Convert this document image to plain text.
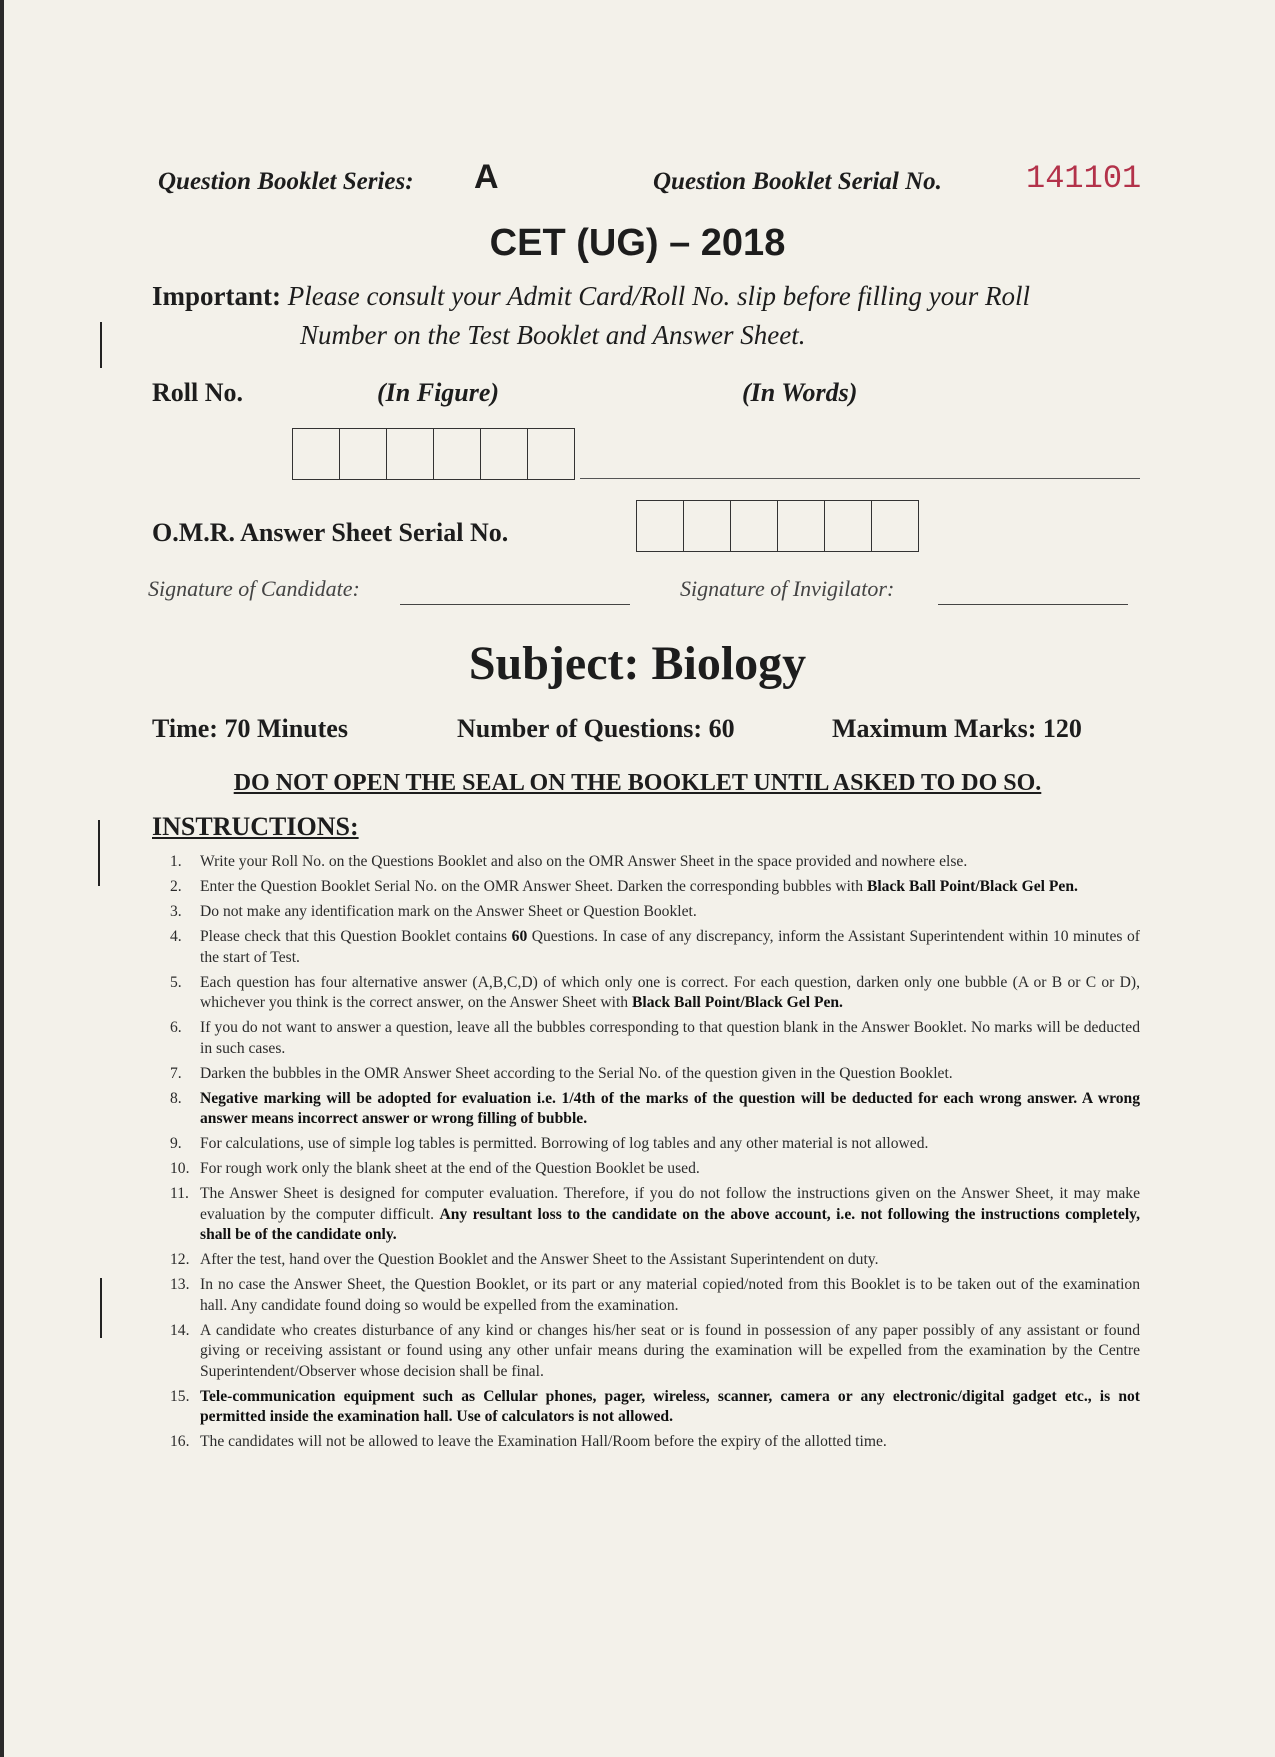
Question Booklet Series: A	Question Booklet Serial No.	141101
CET (UG) – 2018
Important: Please consult your Admit Card/Roll No. slip before filling your Roll
Number on the Test Booklet and Answer Sheet.
Roll No.	(In Figure)	(In Words)
O.M.R. Answer Sheet Serial No.
Signature of Candidate:	Signature of Invigilator:
Subject: Biology
Time: 70 Minutes	Number of Questions: 60	Maximum Marks: 120
DO NOT OPEN THE SEAL ON THE BOOKLET UNTIL ASKED TO DO SO.
INSTRUCTIONS:
1.	Write your Roll No. on the Questions Booklet and also on the OMR Answer Sheet in the space provided and nowhere else.
2.	Enter the Question Booklet Serial No. on the OMR Answer Sheet. Darken the corresponding bubbles with Black Ball Point/Black Gel Pen.
3.	Do not make any identification mark on the Answer Sheet or Question Booklet.
4.	Please check that this Question Booklet contains 60 Questions. In case of any discrepancy, inform the Assistant Superintendent within 10 minutes of the start of Test.
5.	Each question has four alternative answer (A,B,C,D) of which only one is correct. For each question, darken only one bubble (A or B or C or D), whichever you think is the correct answer, on the Answer Sheet with Black Ball Point/Black Gel Pen.
6.	If you do not want to answer a question, leave all the bubbles corresponding to that question blank in the Answer Booklet. No marks will be deducted in such cases.
7.	Darken the bubbles in the OMR Answer Sheet according to the Serial No. of the question given in the Question Booklet.
8.	Negative marking will be adopted for evaluation i.e. 1/4th of the marks of the question will be deducted for each wrong answer. A wrong answer means incorrect answer or wrong filling of bubble.
9.	For calculations, use of simple log tables is permitted. Borrowing of log tables and any other material is not allowed.
10. For rough work only the blank sheet at the end of the Question Booklet be used.
11. The Answer Sheet is designed for computer evaluation. Therefore, if you do not follow the instructions given on the Answer Sheet, it may make evaluation by the computer difficult. Any resultant loss to the candidate on the above account, i.e. not following the instructions completely, shall be of the candidate only.
12. After the test, hand over the Question Booklet and the Answer Sheet to the Assistant Superintendent on duty.
13. In no case the Answer Sheet, the Question Booklet, or its part or any material copied/noted from this Booklet is to be taken out of the examination hall. Any candidate found doing so would be expelled from the examination.
14. A candidate who creates disturbance of any kind or changes his/her seat or is found in possession of any paper possibly of any assistant or found giving or receiving assistant or found using any other unfair means during the examination will be expelled from the examination by the Centre Superintendent/Observer whose decision shall be final.
15. Tele-communication equipment such as Cellular phones, pager, wireless, scanner, camera or any electronic/digital gadget etc., is not permitted inside the examination hall. Use of calculators is not allowed.
16. The candidates will not be allowed to leave the Examination Hall/Room before the expiry of the allotted time.
